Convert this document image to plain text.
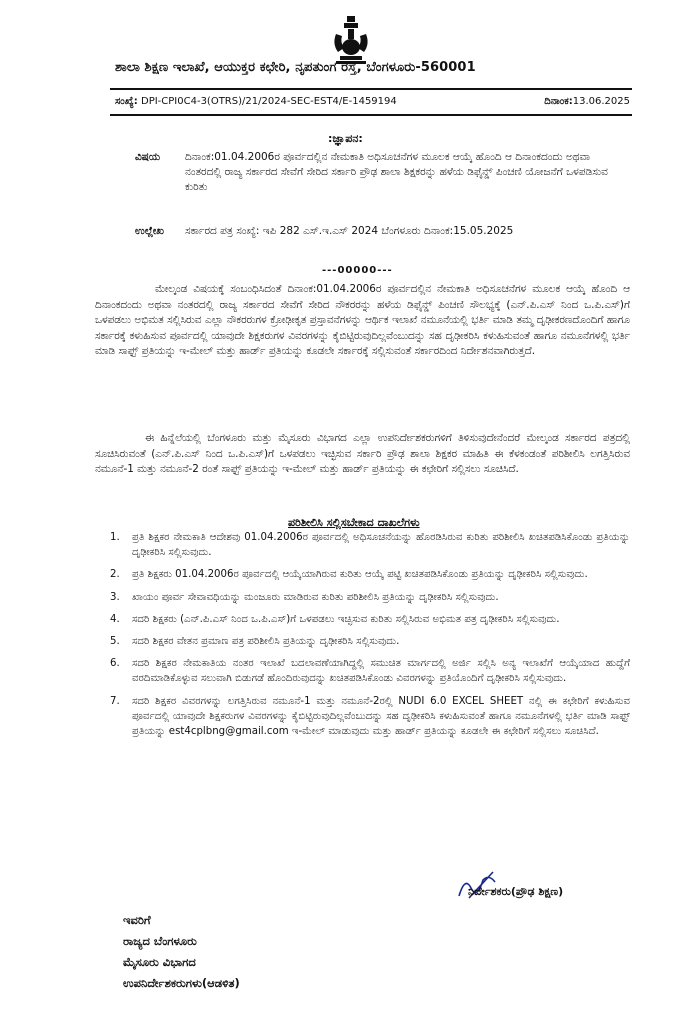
ಶಾಲಾ ಶಿಕ್ಷಣ ಇಲಾಖೆ, ಆಯುಕ್ತರ ಕಛೇರಿ, ನೃಪತುಂಗ ರಸ್ತೆ, ಬೆಂಗಳೂರು-560001
ಸಂಖ್ಯೆ: DPI-CPI0C4-3(OTRS)/21/2024-SEC-EST4/E-1459194	ದಿನಾಂಕ:13.06.2025
:ಜ್ಞಾಪನ:
ವಿಷಯ	ದಿನಾಂಕ:01.04.2006ರ ಪೂರ್ವದಲ್ಲಿನ ನೇಮಕಾತಿ ಅಧಿಸೂಚನೆಗಳ ಮೂಲಕ ಆಯ್ಕೆ ಹೊಂದಿ ಆ ದಿನಾಂಕದಂದು ಅಥವಾ ನಂತರದಲ್ಲಿ ರಾಜ್ಯ ಸರ್ಕಾರದ ಸೇವೆಗೆ ಸೇರಿದ ಸರ್ಕಾರಿ ಪ್ರೌಢ ಶಾಲಾ ಶಿಕ್ಷಕರನ್ನು ಹಳೆಯ ಡಿಫೈನ್ಡ್ ಪಿಂಚಣಿ ಯೋಜನೆಗೆ ಒಳಪಡಿಸುವ ಕುರಿತು
ಉಲ್ಲೇಖ	ಸರ್ಕಾರದ ಪತ್ರ ಸಂಖ್ಯೆ: ಇಪಿ 282 ಎಸ್.ಇ.ಎಸ್ 2024 ಬೆಂಗಳೂರು ದಿನಾಂಕ:15.05.2025
---00000---
ಮೇಲ್ಕಂಡ ವಿಷಯಕ್ಕೆ ಸಂಬಂಧಿಸಿದಂತೆ ದಿನಾಂಕ:01.04.2006ರ ಪೂರ್ವದಲ್ಲಿನ ನೇಮಕಾತಿ ಅಧಿಸೂಚನೆಗಳ ಮೂಲಕ ಆಯ್ಕೆ ಹೊಂದಿ ಆ ದಿನಾಂಕದಂದು ಅಥವಾ ನಂತರದಲ್ಲಿ ರಾಜ್ಯ ಸರ್ಕಾರದ ಸೇವೆಗೆ ಸೇರಿದ ನೌಕರರನ್ನು ಹಳೆಯ ಡಿಫೈನ್ಡ್ ಪಿಂಚಣಿ ಸೌಲಭ್ಯಕ್ಕೆ (ಎನ್.ಪಿ.ಎಸ್ ನಿಂದ ಒ.ಪಿ.ಎಸ್)ಗೆ ಒಳಪಡಲು ಅಭಿಮತ ಸಲ್ಲಿಸಿರುವ ಎಲ್ಲಾ ನೌಕರರುಗಳ ಕ್ರೋಢೀಕೃತ ಪ್ರಸ್ತಾವನೆಗಳನ್ನು ಆರ್ಥಿಕ ಇಲಾಖೆ ನಮೂನೆಯಲ್ಲಿ ಭರ್ತಿ ಮಾಡಿ ತಮ್ಮ ದೃಢೀಕರಣದೊಂದಿಗೆ ಹಾಗೂ ಸರ್ಕಾರಕ್ಕೆ ಕಳುಹಿಸುವ ಪೂರ್ವದಲ್ಲಿ ಯಾವುದೇ ಶಿಕ್ಷಕರುಗಳ ವಿವರಗಳನ್ನು ಕೈಬಿಟ್ಟಿರುವುದಿಲ್ಲವೆಂಬುದನ್ನು ಸಹ ದೃಢೀಕರಿಸಿ ಕಳುಹಿಸುವಂತೆ ಹಾಗೂ ನಮೂನೆಗಳಲ್ಲಿ ಭರ್ತಿ ಮಾಡಿ ಸಾಫ್ಟ್ ಪ್ರತಿಯನ್ನು ಇ-ಮೇಲ್ ಮತ್ತು ಹಾರ್ಡ್ ಪ್ರತಿಯನ್ನು ಕೂಡಲೇ ಸರ್ಕಾರಕ್ಕೆ ಸಲ್ಲಿಸುವಂತೆ ಸರ್ಕಾರದಿಂದ ನಿರ್ದೇಶನವಾಗಿರುತ್ತದೆ.
ಈ ಹಿನ್ನೆಲೆಯಲ್ಲಿ ಬೆಂಗಳೂರು ಮತ್ತು ಮೈಸೂರು ವಿಭಾಗದ ಎಲ್ಲಾ ಉಪನಿರ್ದೇಶಕರುಗಳಿಗೆ ತಿಳಿಸುವುದೇನೆಂದರೆ ಮೇಲ್ಕಂಡ ಸರ್ಕಾರದ ಪತ್ರದಲ್ಲಿ ಸೂಚಿಸಿರುವಂತೆ (ಎನ್.ಪಿ.ಎಸ್ ನಿಂದ ಒ.ಪಿ.ಎಸ್)ಗೆ ಒಳಪಡಲು ಇಚ್ಛಿಸುವ ಸರ್ಕಾರಿ ಪ್ರೌಢ ಶಾಲಾ ಶಿಕ್ಷಕರ ಮಾಹಿತಿ ಈ ಕೆಳಕಂಡಂತೆ ಪರಿಶೀಲಿಸಿ ಲಗತ್ತಿಸಿರುವ ನಮೂನೆ-1 ಮತ್ತು ನಮೂನೆ-2 ರಂತೆ ಸಾಫ್ಟ್ ಪ್ರತಿಯನ್ನು ಇ-ಮೇಲ್ ಮತ್ತು ಹಾರ್ಡ್ ಪ್ರತಿಯನ್ನು ಈ ಕಛೇರಿಗೆ ಸಲ್ಲಿಸಲು ಸೂಚಿಸಿದೆ.
ಪರಿಶೀಲಿಸಿ ಸಲ್ಲಿಸಬೇಕಾದ ದಾಖಲೆಗಳು
1.	ಪ್ರತಿ ಶಿಕ್ಷಕರ ನೇಮಕಾತಿ ಆದೇಶವು 01.04.2006ರ ಪೂರ್ವದಲ್ಲಿ ಅಧಿಸೂಚನೆಯನ್ನು ಹೊರಡಿಸಿರುವ ಕುರಿತು ಪರಿಶೀಲಿಸಿ ಖಚಿತಪಡಿಸಿಕೊಂಡು ಪ್ರತಿಯನ್ನು ದೃಢೀಕರಿಸಿ ಸಲ್ಲಿಸುವುದು.
2.	ಪ್ರತಿ ಶಿಕ್ಷಕರು 01.04.2006ರ ಪೂರ್ವದಲ್ಲಿ ಆಯ್ಕೆಯಾಗಿರುವ ಕುರಿತು ಆಯ್ಕೆ ಪಟ್ಟಿ ಖಚಿತಪಡಿಸಿಕೊಂಡು ಪ್ರತಿಯನ್ನು ದೃಢೀಕರಿಸಿ ಸಲ್ಲಿಸುವುದು.
3.	ಖಾಯಂ ಪೂರ್ವ ಸೇವಾವಧಿಯನ್ನು ಮಂಜೂರು ಮಾಡಿರುವ ಕುರಿತು ಪರಿಶೀಲಿಸಿ ಪ್ರತಿಯನ್ನು ದೃಢೀಕರಿಸಿ ಸಲ್ಲಿಸುವುದು.
4.	ಸದರಿ ಶಿಕ್ಷಕರು (ಎನ್.ಪಿ.ಎಸ್ ನಿಂದ ಒ.ಪಿ.ಎಸ್)ಗೆ ಒಳಪಡಲು ಇಚ್ಛಿಸುವ ಕುರಿತು ಸಲ್ಲಿಸಿರುವ ಅಭಿಮತ ಪತ್ರ ದೃಢೀಕರಿಸಿ ಸಲ್ಲಿಸುವುದು.
5.	ಸದರಿ ಶಿಕ್ಷಕರ ವೇತನ ಪ್ರಮಾಣ ಪತ್ರ ಪರಿಶೀಲಿಸಿ ಪ್ರತಿಯನ್ನು ದೃಢೀಕರಿಸಿ ಸಲ್ಲಿಸುವುದು.
6.	ಸದರಿ ಶಿಕ್ಷಕರ ನೇಮಕಾತಿಯ ನಂತರ ಇಲಾಖೆ ಬದಲಾವಣೆಯಾಗಿದ್ದಲ್ಲಿ ಸಮುಚಿತ ಮಾರ್ಗದಲ್ಲಿ ಅರ್ಜಿ ಸಲ್ಲಿಸಿ ಅನ್ಯ ಇಲಾಖೆಗೆ ಆಯ್ಕೆಯಾದ ಹುದ್ದೆಗೆ ವರದಿಮಾಡಿಕೊಳ್ಳುವ ಸಲುವಾಗಿ ಬಿಡುಗಡೆ ಹೊಂದಿರುವುದನ್ನು ಖಚಿತಪಡಿಸಿಕೊಂಡು ವಿವರಗಳನ್ನು ಪ್ರತಿಯೊಂದಿಗೆ ದೃಢೀಕರಿಸಿ ಸಲ್ಲಿಸುವುದು.
7.	ಸದರಿ ಶಿಕ್ಷಕರ ವಿವರಗಳನ್ನು ಲಗತ್ತಿಸಿರುವ ನಮೂನೆ-1 ಮತ್ತು ನಮೂನೆ-2ರಲ್ಲಿ NUDI 6.0 EXCEL SHEET ನಲ್ಲಿ ಈ ಕಛೇರಿಗೆ ಕಳುಹಿಸುವ ಪೂರ್ವದಲ್ಲಿ ಯಾವುದೇ ಶಿಕ್ಷಕರುಗಳ ವಿವರಗಳನ್ನು ಕೈಬಿಟ್ಟಿರುವುದಿಲ್ಲವೆಂಬುದನ್ನು ಸಹ ದೃಢೀಕರಿಸಿ ಕಳುಹಿಸುವಂತೆ ಹಾಗೂ ನಮೂನೆಗಳಲ್ಲಿ ಭರ್ತಿ ಮಾಡಿ ಸಾಫ್ಟ್ ಪ್ರತಿಯನ್ನು est4cplbng@gmail.com ಇ-ಮೇಲ್ ಮಾಡುವುದು ಮತ್ತು ಹಾರ್ಡ್ ಪ್ರತಿಯನ್ನು ಕೂಡಲೇ ಈ ಕಛೇರಿಗೆ ಸಲ್ಲಿಸಲು ಸೂಚಿಸಿದೆ.
ನಿರ್ದೇಶಕರು(ಪ್ರೌಢ ಶಿಕ್ಷಣ)
ಇವರಿಗೆ
ರಾಜ್ಯದ ಬೆಂಗಳೂರು
ಮೈಸೂರು ವಿಭಾಗದ
ಉಪನಿರ್ದೇಶಕರುಗಳು(ಆಡಳಿತ)
